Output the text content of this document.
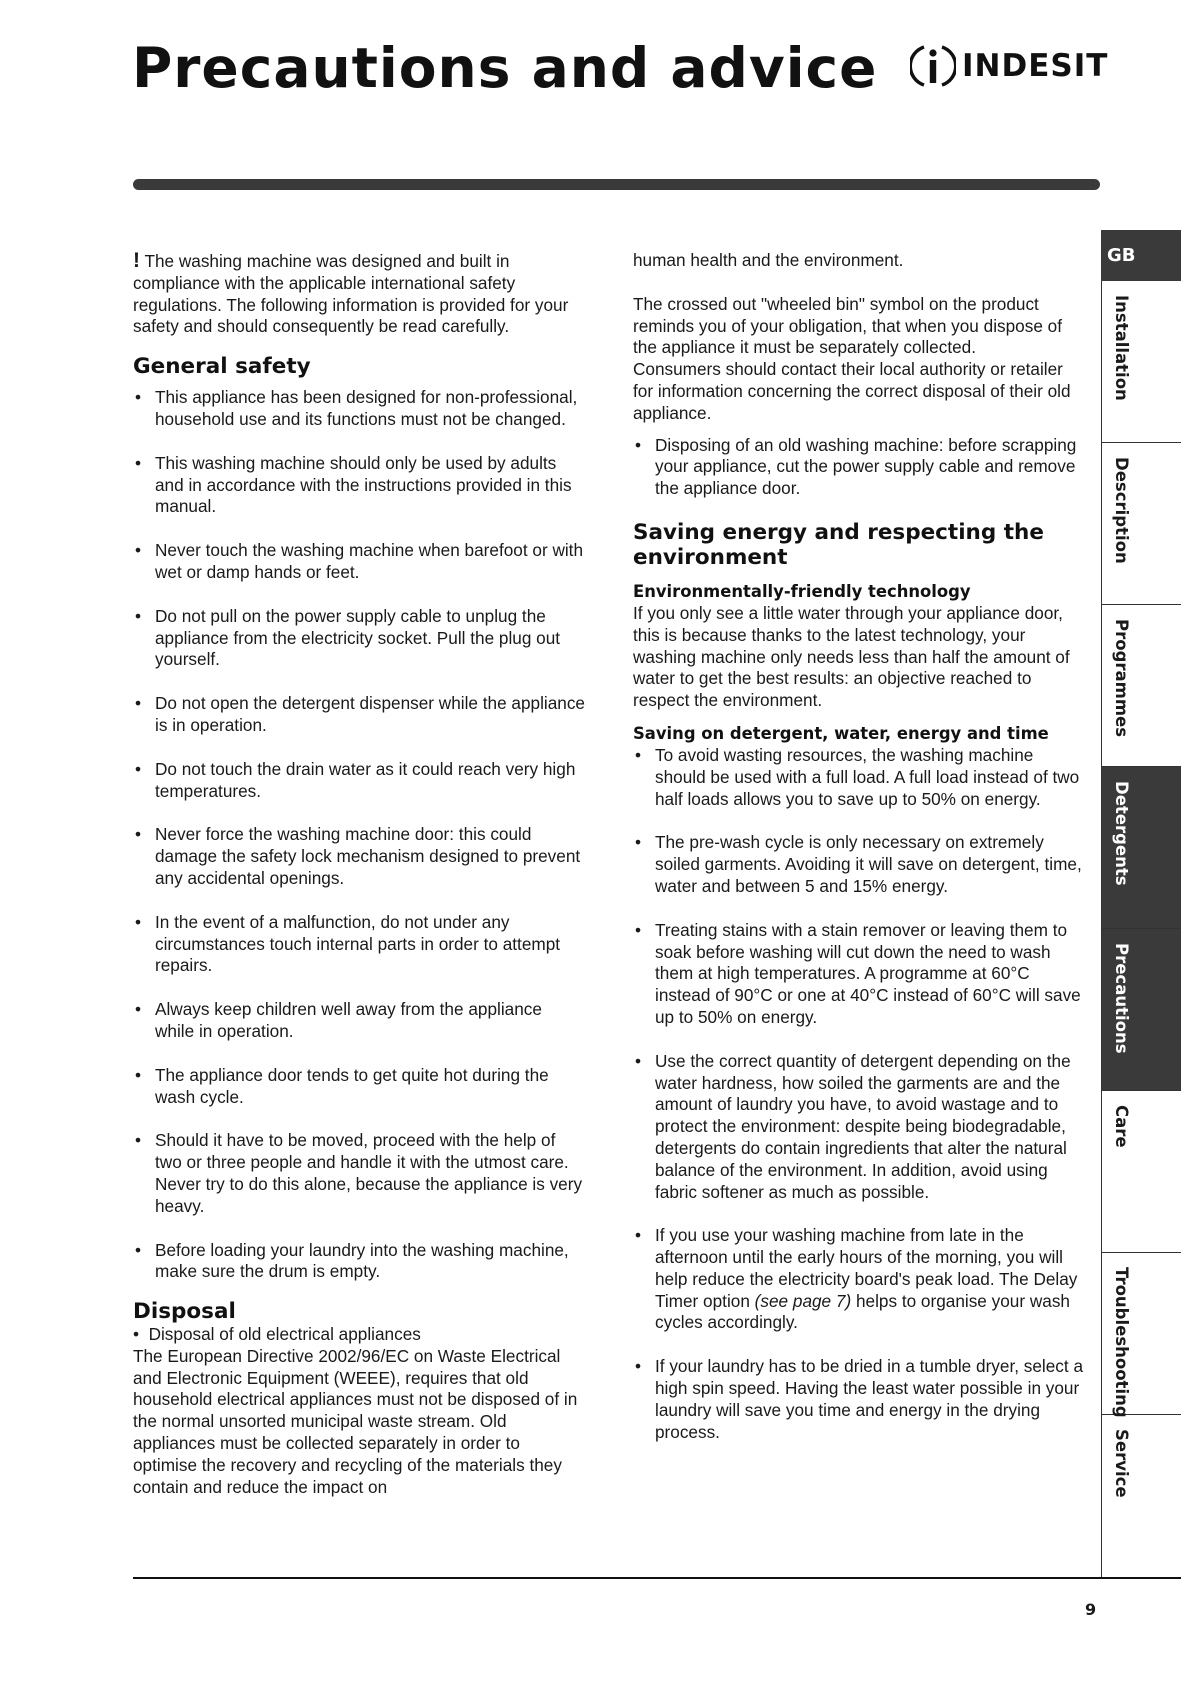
Precautions and advice	INDESIT

! The washing machine was designed and built in compliance with the applicable international safety regulations. The following information is provided for your safety and should consequently be read carefully.

General safety

• This appliance has been designed for non-professional, household use and its functions must not be changed.

• This washing machine should only be used by adults and in accordance with the instructions provided in this manual.

• Never touch the washing machine when barefoot or with wet or damp hands or feet.

• Do not pull on the power supply cable to unplug the appliance from the electricity socket. Pull the plug out yourself.

• Do not open the detergent dispenser while the appliance is in operation.

• Do not touch the drain water as it could reach very high temperatures.

• Never force the washing machine door: this could damage the safety lock mechanism designed to prevent any accidental openings.

• In the event of a malfunction, do not under any circumstances touch internal parts in order to attempt repairs.

• Always keep children well away from the appliance while in operation.

• The appliance door tends to get quite hot during the wash cycle.

• Should it have to be moved, proceed with the help of two or three people and handle it with the utmost care. Never try to do this alone, because the appliance is very heavy.

• Before loading your laundry into the washing machine, make sure the drum is empty.

Disposal

•  Disposal of old electrical appliances

The European Directive 2002/96/EC on Waste Electrical and Electronic Equipment (WEEE), requires that old household electrical appliances must not be disposed of in the normal unsorted municipal waste stream. Old appliances must be collected separately in order to optimise the recovery and recycling of the materials they contain and reduce the impact on

human health and the environment.

The crossed out "wheeled bin" symbol on the product reminds you of your obligation, that when you dispose of the appliance it must be separately collected.

Consumers should contact their local authority or retailer for information concerning the correct disposal of their old appliance.

• Disposing of an old washing machine: before scrapping your appliance, cut the power supply cable and remove the appliance door.

Saving energy and respecting the environment
Environmentally-friendly technology

If you only see a little water through your appliance door, this is because thanks to the latest technology, your washing machine only needs less than half the amount of water to get the best results: an objective reached to respect the environment.

Saving on detergent, water, energy and time

• To avoid wasting resources, the washing machine should be used with a full load. A full load instead of two half loads allows you to save up to 50% on energy.

• The pre-wash cycle is only necessary on extremely soiled garments. Avoiding it will save on detergent, time, water and between 5 and 15% energy.

• Treating stains with a stain remover or leaving them to soak before washing will cut down the need to wash them at high temperatures. A programme at 60°C instead of 90°C or one at 40°C instead of 60°C will save up to 50% on energy.

• Use the correct quantity of detergent depending on the water hardness, how soiled the garments are and the amount of laundry you have, to avoid wastage and to protect the environment: despite being biodegradable, detergents do contain ingredients that alter the natural balance of the environment. In addition, avoid using fabric softener as much as possible.

• If you use your washing machine from late in the afternoon until the early hours of the morning, you will help reduce the electricity board's peak load. The Delay Timer option (see page 7) helps to organise your wash cycles accordingly.

• If your laundry has to be dried in a tumble dryer, select a high spin speed. Having the least water possible in your laundry will save you time and energy in the drying process.

GB
Installation
Description
Programmes
Detergents
Precautions
Care
Troubleshooting
Service
9
